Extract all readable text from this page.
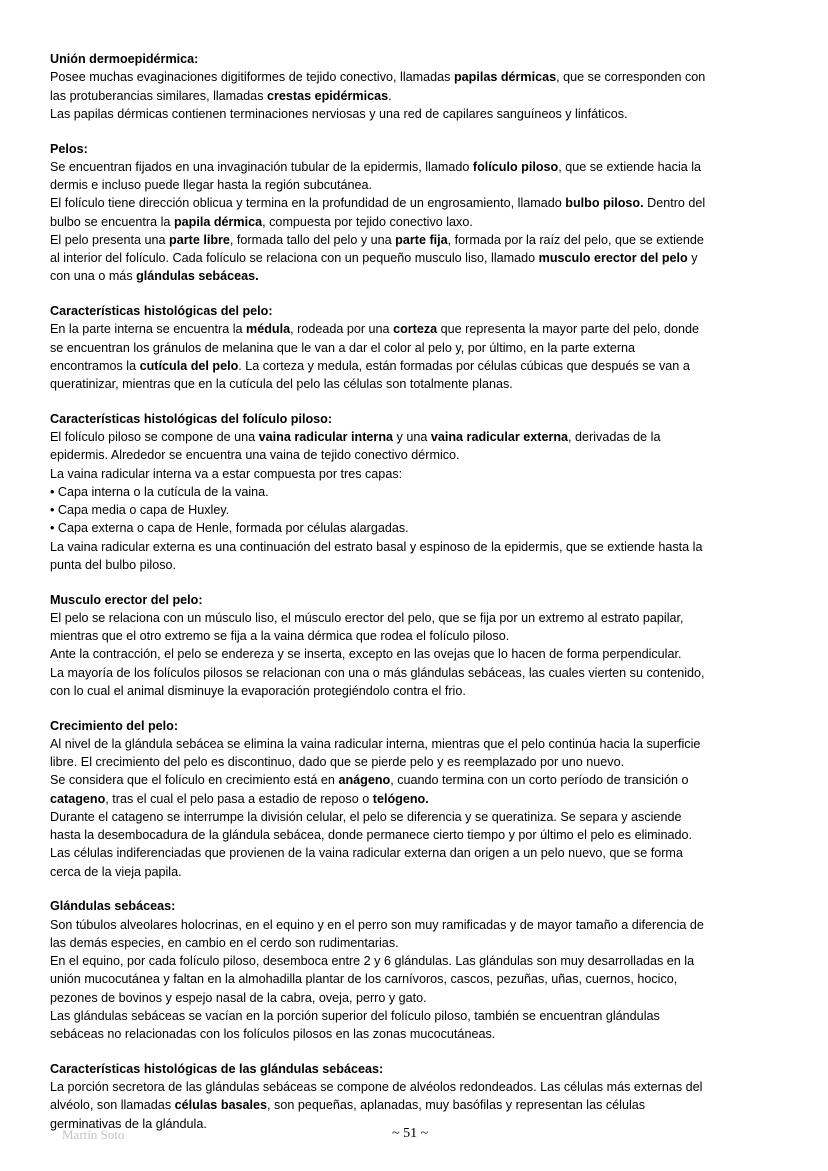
Unión dermoepidérmica:
Posee muchas evaginaciones digitiformes de tejido conectivo, llamadas papilas dérmicas, que se corresponden con
las protuberancias similares, llamadas crestas epidérmicas.
Las papilas dérmicas contienen terminaciones nerviosas y una red de capilares sanguíneos y linfáticos.
Pelos:
Se encuentran fijados en una invaginación tubular de la epidermis, llamado folículo piloso, que se extiende hacia la
dermis e incluso puede llegar hasta la región subcutánea.
El folículo tiene dirección oblicua y termina en la profundidad de un engrosamiento, llamado bulbo piloso. Dentro del
bulbo se encuentra la papila dérmica, compuesta por tejido conectivo laxo.
El pelo presenta una parte libre, formada tallo del pelo y una parte fija, formada por la raíz del pelo, que se extiende
al interior del folículo. Cada folículo se relaciona con un pequeño musculo liso, llamado musculo erector del pelo y
con una o más glándulas sebáceas.
Características histológicas del pelo:
En la parte interna se encuentra la médula, rodeada por una corteza que representa la mayor parte del pelo, donde
se encuentran los gránulos de melanina que le van a dar el color al pelo y, por último, en la parte externa
encontramos la cutícula del pelo. La corteza y medula, están formadas por células cúbicas que después se van a
queratinizar, mientras que en la cutícula del pelo las células son totalmente planas.
Características histológicas del folículo piloso:
El folículo piloso se compone de una vaina radicular interna y una vaina radicular externa, derivadas de la
epidermis. Alrededor se encuentra una vaina de tejido conectivo dérmico.
La vaina radicular interna va a estar compuesta por tres capas:
• Capa interna o la cutícula de la vaina.
• Capa media o capa de Huxley.
• Capa externa o capa de Henle, formada por células alargadas.
La vaina radicular externa es una continuación del estrato basal y espinoso de la epidermis, que se extiende hasta la
punta del bulbo piloso.
Musculo erector del pelo:
El pelo se relaciona con un músculo liso, el músculo erector del pelo, que se fija por un extremo al estrato papilar,
mientras que el otro extremo se fija a la vaina dérmica que rodea el folículo piloso.
Ante la contracción, el pelo se endereza y se inserta, excepto en las ovejas que lo hacen de forma perpendicular.
La mayoría de los folículos pilosos se relacionan con una o más glándulas sebáceas, las cuales vierten su contenido,
con lo cual el animal disminuye la evaporación protegiéndolo contra el frio.
Crecimiento del pelo:
Al nivel de la glándula sebácea se elimina la vaina radicular interna, mientras que el pelo continúa hacia la superficie
libre. El crecimiento del pelo es discontinuo, dado que se pierde pelo y es reemplazado por uno nuevo.
Se considera que el folículo en crecimiento está en anágeno, cuando termina con un corto período de transición o
catageno, tras el cual el pelo pasa a estadio de reposo o telógeno.
Durante el catageno se interrumpe la división celular, el pelo se diferencia y se queratiniza. Se separa y asciende
hasta la desembocadura de la glándula sebácea, donde permanece cierto tiempo y por último el pelo es eliminado.
Las células indiferenciadas que provienen de la vaina radicular externa dan origen a un pelo nuevo, que se forma
cerca de la vieja papila.
Glándulas sebáceas:
Son túbulos alveolares holocrinas, en el equino y en el perro son muy ramificadas y de mayor tamaño a diferencia de
las demás especies, en cambio en el cerdo son rudimentarias.
En el equino, por cada folículo piloso, desemboca entre 2 y 6 glándulas. Las glándulas son muy desarrolladas en la
unión mucocutánea y faltan en la almohadilla plantar de los carnívoros, cascos, pezuñas, uñas, cuernos, hocico,
pezones de bovinos y espejo nasal de la cabra, oveja, perro y gato.
Las glándulas sebáceas se vacían en la porción superior del folículo piloso, también se encuentran glándulas
sebáceas no relacionadas con los folículos pilosos en las zonas mucocutáneas.
Características histológicas de las glándulas sebáceas:
La porción secretora de las glándulas sebáceas se compone de alvéolos redondeados. Las células más externas del
alvéolo, son llamadas células basales, son pequeñas, aplanadas, muy basófilas y representan las células
germinativas de la glándula.
Martín Soto	~ 51 ~
